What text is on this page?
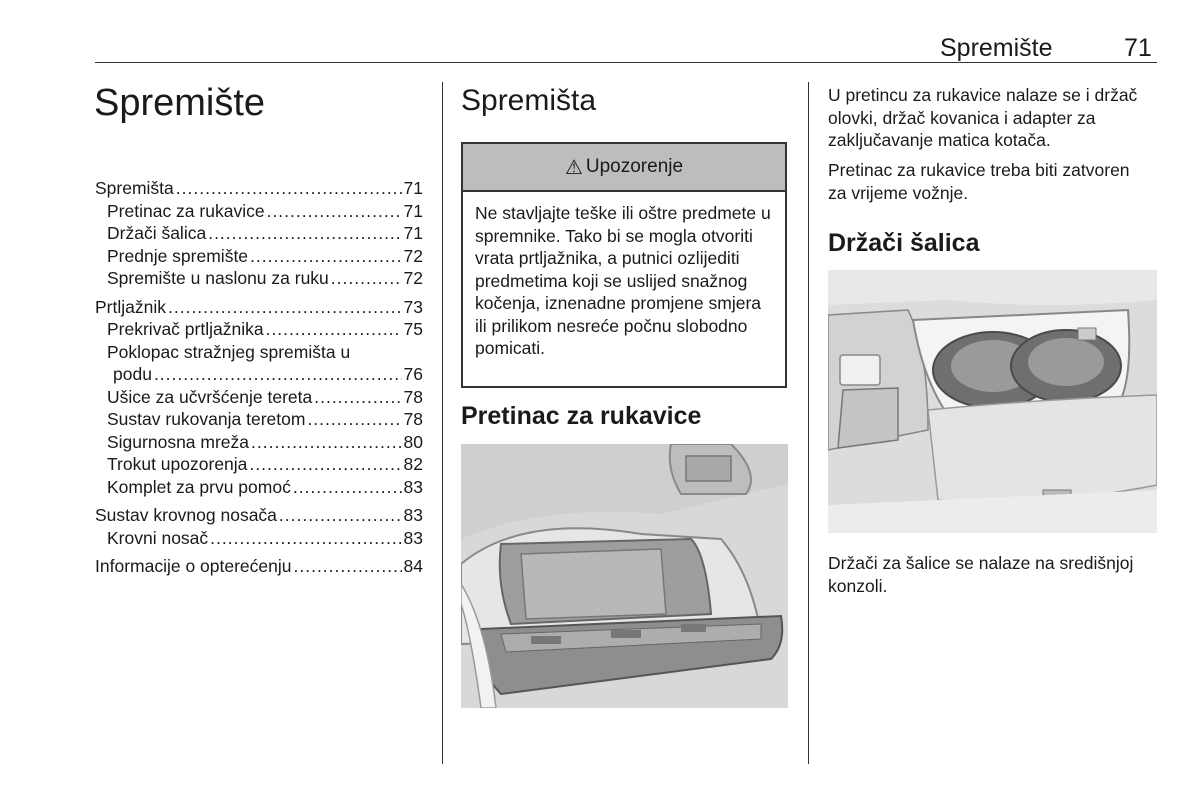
Spremište	71
Spremište
Spremišta .....	71
Pretinac za rukavice .....	71
Držači šalica .....	71
Prednje spremište .....	72
Spremište u naslonu za ruku .....	72
Prtljažnik .....	73
Prekrivač prtljažnika .....	75
Poklopac stražnjeg spremišta u
podu .....	76
Ušice za učvršćenje tereta .....	78
Sustav rukovanja teretom .....	78
Sigurnosna mreža .....	80
Trokut upozorenja .....	82
Komplet za prvu pomoć .....	83
Sustav krovnog nosača .....	83
Krovni nosač .....	83
Informacije o opterećenju .....	84
Spremišta
⚠ Upozorenje
Ne stavljajte teške ili oštre predmete u spremnike. Tako bi se mogla otvoriti vrata prtljažnika, a putnici ozlijediti predmetima koji se uslijed snažnog kočenja, iznenadne promjene smjera ili prilikom nesreće počnu slobodno pomicati.
Pretinac za rukavice

U pretincu za rukavice nalaze se i držač olovki, držač kovanica i adapter za zaključavanje matica kotača.

Pretinac za rukavice treba biti zatvoren za vrijeme vožnje.

Držači šalica

Držači za šalice se nalaze na središnjoj konzoli.
